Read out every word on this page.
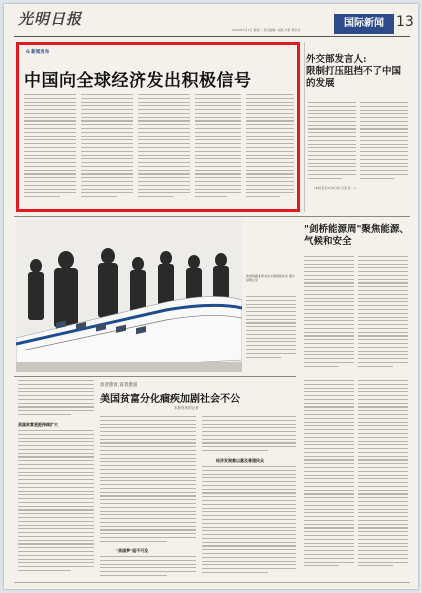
光明日报
2023年3月7日 星期二 责任编辑: 刘凯 沙蕾 郑忠伟
国际新闻 13
G 新闻发布
中国向全球经济发出积极信号
外交部发言人:
限制打压阻挡不了中国的发展
(本报北京3月6日电 记者 张 ...)
欧洲铁路业界关注中国高铁技术 照片说明文字
"剑桥能源周"聚焦能源、气候和安全
贫者愈贫,富者愈富
美国贫富分化痼疾加剧社会不公
本报驻美国记者
美国贫富差距持续扩大
"美国梦"遥不可及
经济发展难以惠及普通民众
